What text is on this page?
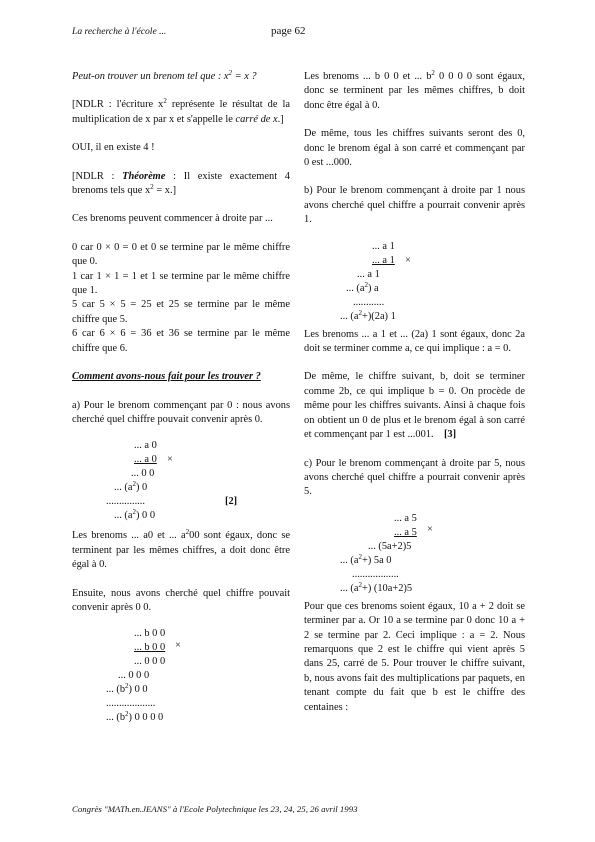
La recherche à l'école ...	page 62

Peut-on trouver un brenom tel que : $x^2 = x$ ?

[NDLR : l'écriture $x^2$ représente le résultat de la multiplication de x par x et s'appelle le carré de x.]

OUI, il en existe 4 !

[NDLR : Théorème : Il existe exactement 4 brenoms tels que $x^2 = x$.]

Ces brenoms peuvent commencer à droite par ...

0 car 0 × 0 = 0 et 0 se termine par le même chiffre que 0.

1 car 1 × 1 = 1 et 1 se termine par le même chiffre que 1.

5 car 5 × 5 = 25 et 25 se termine par le même chiffre que 5.

6 car 6 × 6 = 36 et 36 se termine par le même chiffre que 6.

Comment avons-nous fait pour les trouver ?

a) Pour le brenom commençant par 0 : nous avons cherché quel chiffre pouvait convenir après 0.

... a 0
... a 0 ×
... 0 0
... $(a^2)$ 0
...............	[2]
... $(a^2)$ 0 0

Les brenoms ... a0 et ... $a^200$ sont égaux, donc se terminent par les mêmes chiffres, a doit donc être égal à 0.

Ensuite, nous avons cherché quel chiffre pouvait convenir après 0 0.

... b 0 0
... b 0 0 ×
... 0 0 0
... 0 0 0
... $(b^2)$ 0 0
...................
... $(b^2)$ 0 0 0 0

Les brenoms ... b 0 0 et ... $b^2$ 0 0 0 0 sont égaux, donc se terminent par les mêmes chiffres, b doit donc être égal à 0.

De même, tous les chiffres suivants seront des 0, donc le brenom égal à son carré et commençant par 0 est ...000.

b) Pour le brenom commençant à droite par 1 nous avons cherché quel chiffre a pourrait convenir après 1.

... a 1
... a 1 ×
... a 1
... $(a^2)$ a
............
... $(a^2+)(2a)$ 1

Les brenoms ... a 1 et ... (2a) 1 sont égaux, donc 2a doit se terminer comme a, ce qui implique : a = 0.

De même, le chiffre suivant, b, doit se terminer comme 2b, ce qui implique b = 0. On procède de même pour les chiffres suivants. Ainsi à chaque fois on obtient un 0 de plus et le brenom égal à son carré et commençant par 1 est ...001. [3]

c) Pour le brenom commençant à droite par 5, nous avons cherché quel chiffre a pourrait convenir après 5.

... a 5
... a 5 ×
... (5a+2)5
... $(a^2+)$ 5a 0
..................
... $(a^2+)$ (10a+2)5

Pour que ces brenoms soient égaux, 10 a + 2 doit se terminer par a. Or 10 a se termine par 0 donc 10 a + 2 se termine par 2. Ceci implique : a = 2. Nous remarquons que 2 est le chiffre qui vient après 5 dans 25, carré de 5. Pour trouver le chiffre suivant, b, nous avons fait des multiplications par paquets, en tenant compte du fait que b est le chiffre des centaines :

Congrès "MATh.en.JEANS" à l'Ecole Polytechnique les 23, 24, 25, 26 avril 1993
